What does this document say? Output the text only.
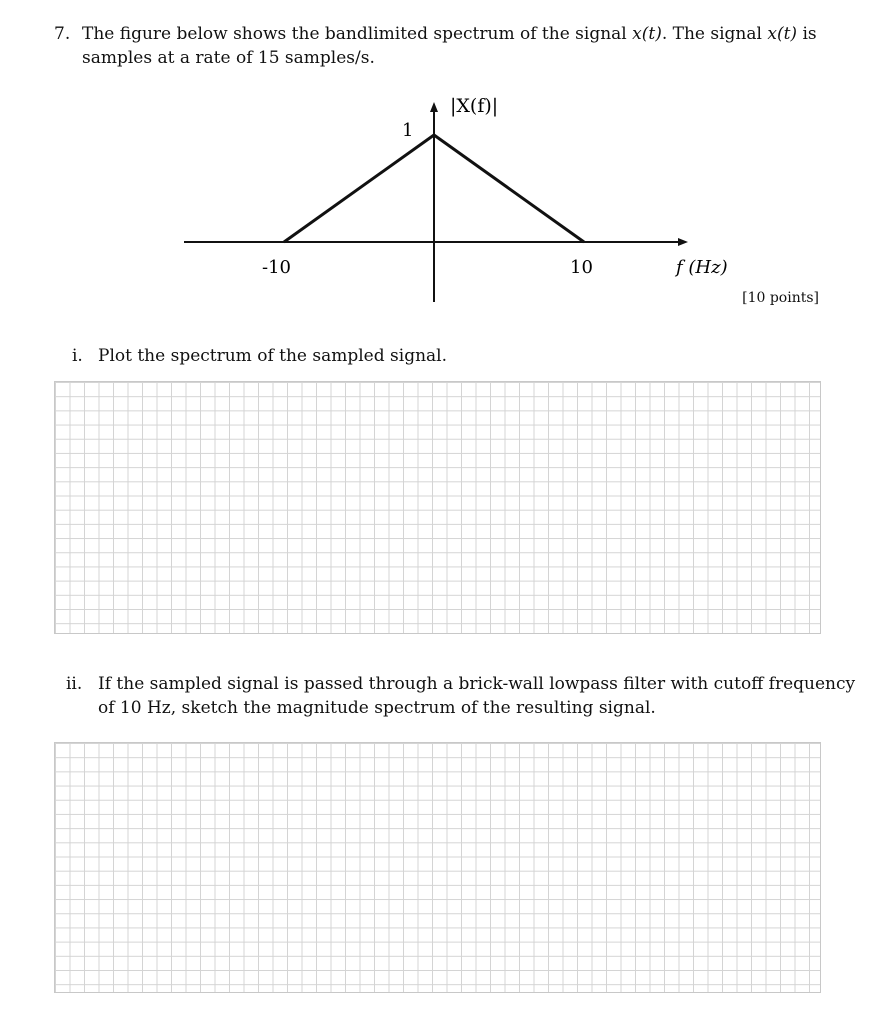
7. The figure below shows the bandlimited spectrum of the signal x(t). The signal x(t) is
samples at a rate of 15 samples/s.
|X(f)|
1
-10	10	f (Hz)
[10 points]
i. Plot the spectrum of the sampled signal.
ii. If the sampled signal is passed through a brick-wall lowpass filter with cutoff frequency
of 10 Hz, sketch the magnitude spectrum of the resulting signal.
